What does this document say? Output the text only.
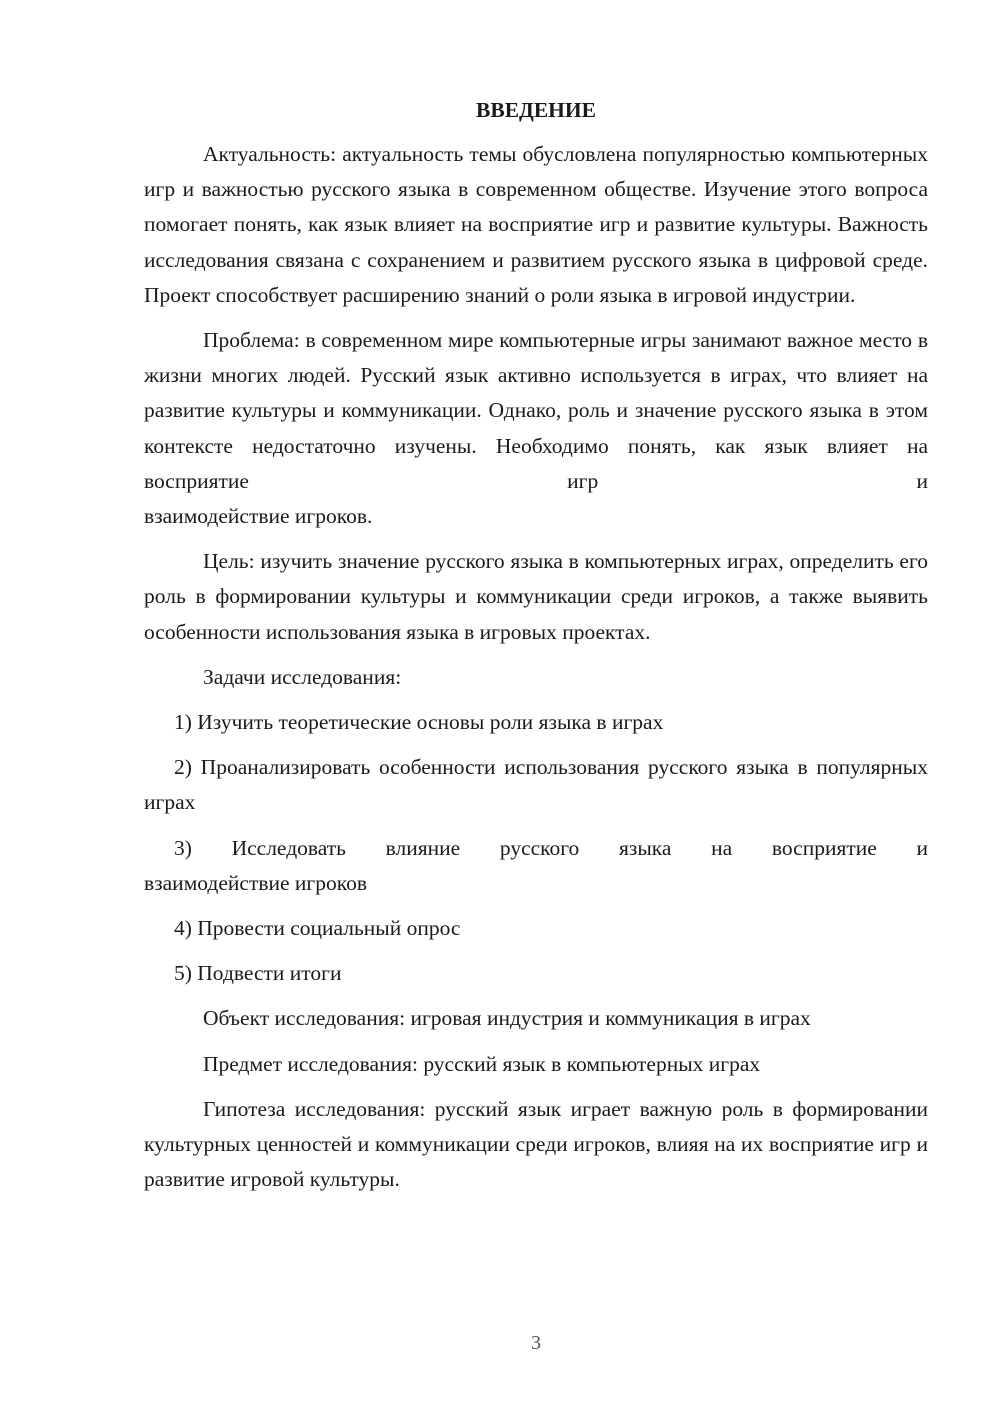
ВВЕДЕНИЕ

Актуальность: актуальность темы обусловлена популярностью компьютерных игр и важностью русского языка в современном обществе. Изучение этого вопроса помогает понять, как язык влияет на восприятие игр и развитие культуры. Важность исследования связана с сохранением и развитием русского языка в цифровой среде. Проект способствует расширению знаний о роли языка в игровой индустрии.

Проблема: в современном мире компьютерные игры занимают важное место в жизни многих людей. Русский язык активно используется в играх, что влияет на развитие культуры и коммуникации. Однако, роль и значение русского языка в этом контексте недостаточно изучены. Необходимо понять, как язык влияет на восприятие игр и

взаимодействие игроков.

Цель: изучить значение русского языка в компьютерных играх, определить его роль в формировании культуры и коммуникации среди игроков, а также выявить особенности использования языка в игровых проектах.

Задачи исследования:

1) Изучить теоретические основы роли языка в играх

2) Проанализировать особенности использования русского языка в популярных играх

3) Исследовать влияние русского языка на восприятие и

взаимодействие игроков

4) Провести социальный опрос

5) Подвести итоги

Объект исследования: игровая индустрия и коммуникация в играх

Предмет исследования: русский язык в компьютерных играх

Гипотеза исследования: русский язык играет важную роль в формировании культурных ценностей и коммуникации среди игроков, влияя на их восприятие игр и развитие игровой культуры.

3
